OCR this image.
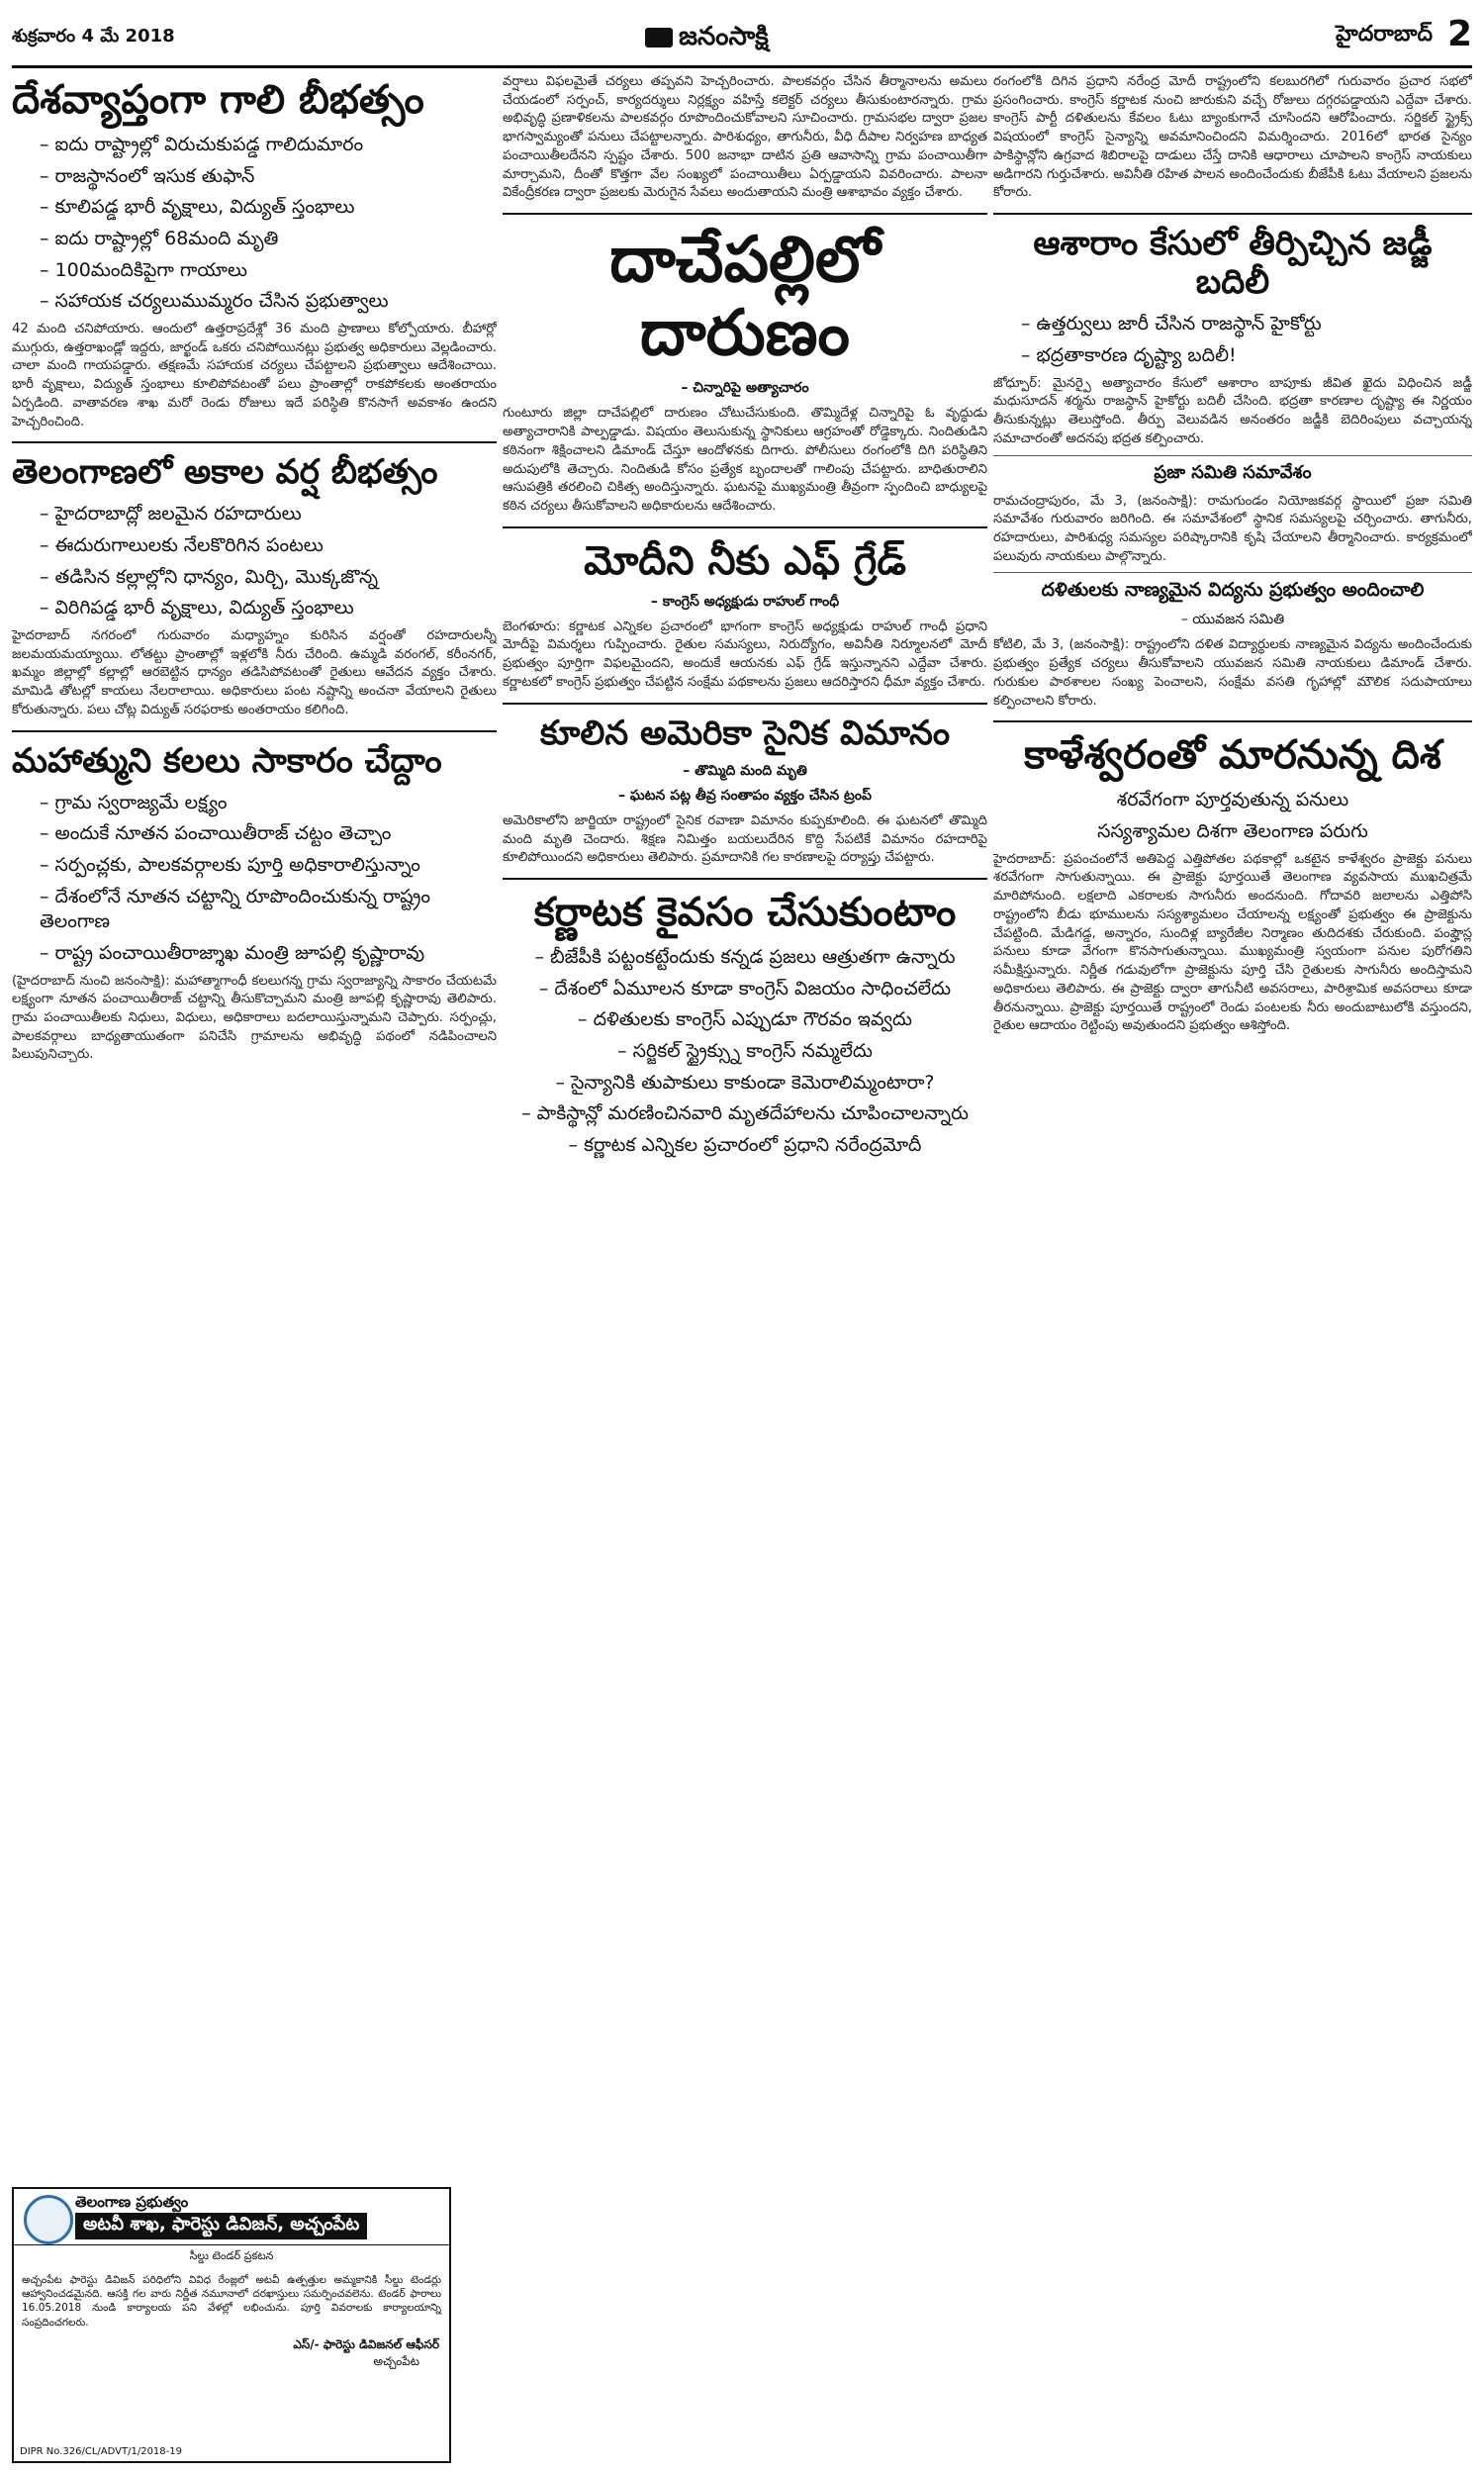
శుక్రవారం 4 మే 2018	జనంసాక్షి	హైదరాబాద్ 2
దేశవ్యాప్తంగా గాలి బీభత్సం
– ఐదు రాష్ట్రాల్లో విరుచుకుపడ్డ గాలిదుమారం
– రాజస్థానంలో ఇసుక తుఫాన్
– కూలిపడ్డ భారీ వృక్షాలు, విద్యుత్ స్తంభాలు
– ఐదు రాష్ట్రాల్లో 68మంది మృతి
– 100మందికిపైగా గాయాలు
– సహాయక చర్యలుముమ్మరం చేసిన ప్రభుత్వాలు
42 మంది చనిపోయారు. ఆందులో ఉత్తరాప్రదేశ్లో 36 మంది ప్రాణాలు కోల్పోయారు. బీహార్లో ముగ్గురు, ఉత్తరాఖండ్లో ఇద్దరు, జార్ఖండ్ ఒకరు చనిపోయినట్లు ప్రభుత్వ అధికారులు వెల్లడించారు. చాలా మంది గాయపడ్డారు. తక్షణమే సహాయక చర్యలు చేపట్టాలని ప్రభుత్వాలు ఆదేశించాయి. భారీ వృక్షాలు, విద్యుత్ స్తంభాలు కూలిపోవటంతో పలు ప్రాంతాల్లో రాకపోకలకు అంతరాయం ఏర్పడింది. వాతావరణ శాఖ మరో రెండు రోజులు ఇదే పరిస్థితి కొనసాగే అవకాశం ఉందని హెచ్చరించింది.
తెలంగాణలో అకాల వర్ష బీభత్సం
– హైదరాబాద్లో జలమైన రహదారులు
– ఈదురుగాలులకు నేలకొరిగిన పంటలు
– తడిసిన కల్లాల్లోని ధాన్యం, మిర్చి, మొక్కజొన్న
– విరిగిపడ్డ భారీ వృక్షాలు, విద్యుత్ స్తంభాలు
హైదరాబాద్ నగరంలో గురువారం మధ్యాహ్నం కురిసిన వర్షంతో రహదారులన్నీ జలమయమయ్యాయి. లోతట్టు ప్రాంతాల్లో ఇళ్లలోకి నీరు చేరింది. ఉమ్మడి వరంగల్, కరీంనగర్, ఖమ్మం జిల్లాల్లో కల్లాల్లో ఆరబెట్టిన ధాన్యం తడిసిపోవటంతో రైతులు ఆవేదన వ్యక్తం చేశారు. మామిడి తోటల్లో కాయలు నేలరాలాయి. అధికారులు పంట నష్టాన్ని అంచనా వేయాలని రైతులు కోరుతున్నారు. పలు చోట్ల విద్యుత్ సరఫరాకు అంతరాయం కలిగింది.
మహాత్ముని కలలు సాకారం చేద్దాం
– గ్రామ స్వరాజ్యమే లక్ష్యం
– అందుకే నూతన పంచాయితీరాజ్ చట్టం తెచ్చాం
– సర్పంచ్లకు, పాలకవర్గాలకు పూర్తి అధికారాలిస్తున్నాం
– దేశంలోనే నూతన చట్టాన్ని రూపొందించుకున్న రాష్ట్రం తెలంగాణ
– రాష్ట్ర పంచాయితీరాజ్శాఖ మంత్రి జూపల్లి కృష్ణారావు
(హైదరాబాద్ నుంచి జనంసాక్షి): మహాత్మాగాంధీ కలలుగన్న గ్రామ స్వరాజ్యాన్ని సాకారం చేయటమే లక్ష్యంగా నూతన పంచాయితీరాజ్ చట్టాన్ని తీసుకొచ్చామని మంత్రి జూపల్లి కృష్ణారావు తెలిపారు. గ్రామ పంచాయితీలకు నిధులు, విధులు, అధికారాలు బదలాయిస్తున్నామని చెప్పారు. సర్పంచ్లు, పాలకవర్గాలు బాధ్యతాయుతంగా పనిచేసి గ్రామాలను అభివృద్ధి పథంలో నడిపించాలని పిలుపునిచ్చారు.
తెలంగాణ ప్రభుత్వం
అటవీ శాఖ, ఫారెస్టు డివిజన్, అచ్చంపేట
సీల్డు టెండర్ ప్రకటన
అచ్చంపేట ఫారెస్టు డివిజన్ పరిధిలోని వివిధ రేంజ్లలో అటవీ ఉత్పత్తుల అమ్మకానికి సీల్డు టెండర్లు ఆహ్వానించడమైనది. ఆసక్తి గల వారు నిర్ణీత నమూనాలో దరఖాస్తులు సమర్పించవలెను. టెండర్ ఫారాలు 16.05.2018 నుండి కార్యాలయ పని వేళల్లో లభించును. పూర్తి వివరాలకు కార్యాలయాన్ని సంప్రదించగలరు.
ఎస్/- ఫారెస్టు డివిజనల్ ఆఫీసర్
అచ్చంపేట
DIPR No.326/CL/ADVT/1/2018-19
వర్షాలు విఫలమైతే చర్యలు తప్పవని హెచ్చరించారు. పాలకవర్గం చేసిన తీర్మానాలను అమలు చేయడంలో సర్పంచ్, కార్యదర్శులు నిర్లక్ష్యం వహిస్తే కలెక్టర్ చర్యలు తీసుకుంటారన్నారు. గ్రామ అభివృద్ధి ప్రణాళికలను పాలకవర్గం రూపొందించుకోవాలని సూచించారు. గ్రామసభల ద్వారా ప్రజల భాగస్వామ్యంతో పనులు చేపట్టాలన్నారు. పారిశుధ్యం, తాగునీరు, వీధి దీపాల నిర్వహణ బాధ్యత పంచాయితీలదేనని స్పష్టం చేశారు. 500 జనాభా దాటిన ప్రతి ఆవాసాన్ని గ్రామ పంచాయితీగా మార్చామని, దీంతో కొత్తగా వేల సంఖ్యలో పంచాయితీలు ఏర్పడ్డాయని వివరించారు. పాలనా వికేంద్రీకరణ ద్వారా ప్రజలకు మెరుగైన సేవలు అందుతాయని మంత్రి ఆశాభావం వ్యక్తం చేశారు.
దాచేపల్లిలో దారుణం
– చిన్నారిపై అత్యాచారం
గుంటూరు జిల్లా దాచేపల్లిలో దారుణం చోటుచేసుకుంది. తొమ్మిదేళ్ల చిన్నారిపై ఓ వృద్ధుడు అత్యాచారానికి పాల్పడ్డాడు. విషయం తెలుసుకున్న స్థానికులు ఆగ్రహంతో రోడ్డెక్కారు. నిందితుడిని కఠినంగా శిక్షించాలని డిమాండ్ చేస్తూ ఆందోళనకు దిగారు. పోలీసులు రంగంలోకి దిగి పరిస్థితిని అదుపులోకి తెచ్చారు. నిందితుడి కోసం ప్రత్యేక బృందాలతో గాలింపు చేపట్టారు. బాధితురాలిని ఆసుపత్రికి తరలించి చికిత్స అందిస్తున్నారు. ఘటనపై ముఖ్యమంత్రి తీవ్రంగా స్పందించి బాధ్యులపై కఠిన చర్యలు తీసుకోవాలని అధికారులను ఆదేశించారు.
మోదీని నీకు ఎఫ్ గ్రేడ్
– కాంగ్రెస్ అధ్యక్షుడు రాహుల్ గాంధీ
బెంగళూరు: కర్ణాటక ఎన్నికల ప్రచారంలో భాగంగా కాంగ్రెస్ అధ్యక్షుడు రాహుల్ గాంధీ ప్రధాని మోదీపై విమర్శలు గుప్పించారు. రైతుల సమస్యలు, నిరుద్యోగం, అవినీతి నిర్మూలనలో మోదీ ప్రభుత్వం పూర్తిగా విఫలమైందని, అందుకే ఆయనకు ఎఫ్ గ్రేడ్ ఇస్తున్నానని ఎద్దేవా చేశారు. కర్ణాటకలో కాంగ్రెస్ ప్రభుత్వం చేపట్టిన సంక్షేమ పథకాలను ప్రజలు ఆదరిస్తారని ధీమా వ్యక్తం చేశారు.
కూలిన అమెరికా సైనిక విమానం
– తొమ్మిది మంది మృతి
– ఘటన పట్ల తీవ్ర సంతాపం వ్యక్తం చేసిన ట్రంప్
అమెరికాలోని జార్జియా రాష్ట్రంలో సైనిక రవాణా విమానం కుప్పకూలింది. ఈ ఘటనలో తొమ్మిది మంది మృతి చెందారు. శిక్షణ నిమిత్తం బయలుదేరిన కొద్ది సేపటికే విమానం రహదారిపై కూలిపోయిందని అధికారులు తెలిపారు. ప్రమాదానికి గల కారణాలపై దర్యాప్తు చేపట్టారు.
కర్ణాటక కైవసం చేసుకుంటాం
– బీజేపీకి పట్టంకట్టేందుకు కన్నడ ప్రజలు ఆత్రుతగా ఉన్నారు
– దేశంలో ఏమూలన కూడా కాంగ్రెస్ విజయం సాధించలేదు
– దళితులకు కాంగ్రెస్ ఎప్పుడూ గౌరవం ఇవ్వదు
– సర్జికల్ స్ట్రైక్స్ను కాంగ్రెస్ నమ్మలేదు
– సైన్యానికి తుపాకులు కాకుండా కెమెరాలిమ్మంటారా?
– పాకిస్థాన్లో మరణించినవారి మృతదేహాలను చూపించాలన్నారు
– కర్ణాటక ఎన్నికల ప్రచారంలో ప్రధాని నరేంద్రమోదీ
రంగంలోకి దిగిన ప్రధాని నరేంద్ర మోదీ రాష్ట్రంలోని కలబురగిలో గురువారం ప్రచార సభలో ప్రసంగించారు. కాంగ్రెస్ కర్ణాటక నుంచి జారుకుని వచ్చే రోజులు దగ్గరపడ్డాయని ఎద్దేవా చేశారు. కాంగ్రెస్ పార్టీ దళితులను కేవలం ఓటు బ్యాంకుగానే చూసిందని ఆరోపించారు. సర్జికల్ స్ట్రైక్స్ విషయంలో కాంగ్రెస్ సైన్యాన్ని అవమానించిందని విమర్శించారు. 2016లో భారత సైన్యం పాకిస్థాన్లోని ఉగ్రవాద శిబిరాలపై దాడులు చేస్తే దానికి ఆధారాలు చూపాలని కాంగ్రెస్ నాయకులు అడిగారని గుర్తుచేశారు. అవినీతి రహిత పాలన అందించేందుకు బీజేపీకి ఓటు వేయాలని ప్రజలను కోరారు.
ఆశారాం కేసులో తీర్పిచ్చిన జడ్జీ బదిలీ
– ఉత్తర్వులు జారీ చేసిన రాజస్థాన్ హైకోర్టు
– భద్రతాకారణ దృష్ట్యా బదిలీ!
జోధ్పూర్: మైనర్పై అత్యాచారం కేసులో ఆశారాం బాపూకు జీవిత ఖైదు విధించిన జడ్జీ మధుసూదన్ శర్మను రాజస్థాన్ హైకోర్టు బదిలీ చేసింది. భద్రతా కారణాల దృష్ట్యా ఈ నిర్ణయం తీసుకున్నట్లు తెలుస్తోంది. తీర్పు వెలువడిన అనంతరం జడ్జీకి బెదిరింపులు వచ్చాయన్న సమాచారంతో అదనపు భద్రత కల్పించారు.
ప్రజా సమితి సమావేశం
రామచంద్రాపురం, మే 3, (జనంసాక్షి): రామగుండం నియోజకవర్గ స్థాయిలో ప్రజా సమితి సమావేశం గురువారం జరిగింది. ఈ సమావేశంలో స్థానిక సమస్యలపై చర్చించారు. తాగునీరు, రహదారులు, పారిశుధ్య సమస్యల పరిష్కారానికి కృషి చేయాలని తీర్మానించారు. కార్యక్రమంలో పలువురు నాయకులు పాల్గొన్నారు.
దళితులకు నాణ్యమైన విద్యను ప్రభుత్వం అందించాలి
– యువజన సమితి
కోటిలి, మే 3, (జనంసాక్షి): రాష్ట్రంలోని దళిత విద్యార్థులకు నాణ్యమైన విద్యను అందించేందుకు ప్రభుత్వం ప్రత్యేక చర్యలు తీసుకోవాలని యువజన సమితి నాయకులు డిమాండ్ చేశారు. గురుకుల పాఠశాలల సంఖ్య పెంచాలని, సంక్షేమ వసతి గృహాల్లో మౌలిక సదుపాయాలు కల్పించాలని కోరారు.
కాళేశ్వరంతో మారనున్న దిశ
శరవేగంగా పూర్తవుతున్న పనులు
సస్యశ్యామల దిశగా తెలంగాణ పరుగు
హైదరాబాద్: ప్రపంచంలోనే అతిపెద్ద ఎత్తిపోతల పథకాల్లో ఒకటైన కాళేశ్వరం ప్రాజెక్టు పనులు శరవేగంగా సాగుతున్నాయి. ఈ ప్రాజెక్టు పూర్తయితే తెలంగాణ వ్యవసాయ ముఖచిత్రమే మారిపోనుంది. లక్షలాది ఎకరాలకు సాగునీరు అందనుంది. గోదావరి జలాలను ఎత్తిపోసి రాష్ట్రంలోని బీడు భూములను సస్యశ్యామలం చేయాలన్న లక్ష్యంతో ప్రభుత్వం ఈ ప్రాజెక్టును చేపట్టింది. మేడిగడ్డ, అన్నారం, సుందిళ్ల బ్యారేజీల నిర్మాణం తుదిదశకు చేరుకుంది. పంప్హౌస్ల పనులు కూడా వేగంగా కొనసాగుతున్నాయి. ముఖ్యమంత్రి స్వయంగా పనుల పురోగతిని సమీక్షిస్తున్నారు. నిర్ణీత గడువులోగా ప్రాజెక్టును పూర్తి చేసి రైతులకు సాగునీరు అందిస్తామని అధికారులు తెలిపారు. ఈ ప్రాజెక్టు ద్వారా తాగునీటి అవసరాలు, పారిశ్రామిక అవసరాలు కూడా తీరనున్నాయి. ప్రాజెక్టు పూర్తయితే రాష్ట్రంలో రెండు పంటలకు నీరు అందుబాటులోకి వస్తుందని, రైతుల ఆదాయం రెట్టింపు అవుతుందని ప్రభుత్వం ఆశిస్తోంది.
